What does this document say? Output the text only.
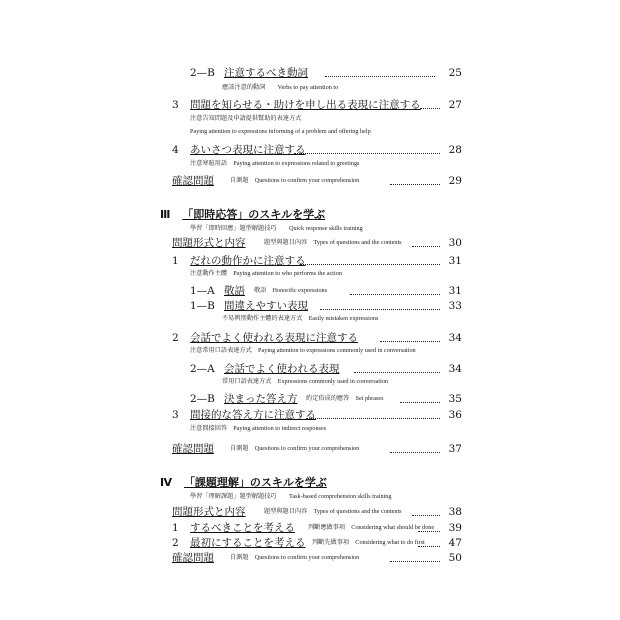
2—B 注意するべき動詞	25
應該注意的動詞　　Verbs to pay attention to
3 問題を知らせる・助けを申し出る表現に注意する	27
注意告知問題及申請提供幫助的表達方式
Paying attention to expressions informing of a problem and offering help
4 あいさつ表現に注意する	28
注意寒暄用語　Paying attention to expressions related to greetings
確認問題	自測題　Questions to confirm your comprehension	29
Ⅲ 「即時応答」のスキルを学ぶ
學習「即時回應」題型解題技巧　　Quick response skills training
問題形式と内容	題型與題目內容　Types of questions and the contents	30
1 だれの動作かに注意する	31
注意動作主體　Paying attention to who performs the action
1—A 敬語 敬語　Honorific expressions	31
1—B 間違えやすい表現	33
不易辨別動作主體的表達方式　Easily mistaken expressions
2 会話でよく使われる表現に注意する	34
注意常用口語表達方式　Paying attention to expressions commonly used in conversation
2—A 会話でよく使われる表現	34
常用口語表達方式　Expressions commonly used in conversation
2—B 決まった答え方 約定俗成的應答　Set phrases	35
3 間接的な答え方に注意する	36
注意間接回答　Paying attention to indirect responses
確認問題	自測題　Questions to confirm your comprehension	37
Ⅳ 「課題理解」のスキルを学ぶ
學習「理解課題」題型解題技巧　　Task-based comprehension skills training
問題形式と内容	題型與題目內容　Types of questions and the contents	38
1 するべきことを考える 判斷應做事項　Considering what should be done	39
2 最初にすることを考える 判斷先做事項　Considering what to do first	47
確認問題	自測題　Questions to confirm your comprehension	50
